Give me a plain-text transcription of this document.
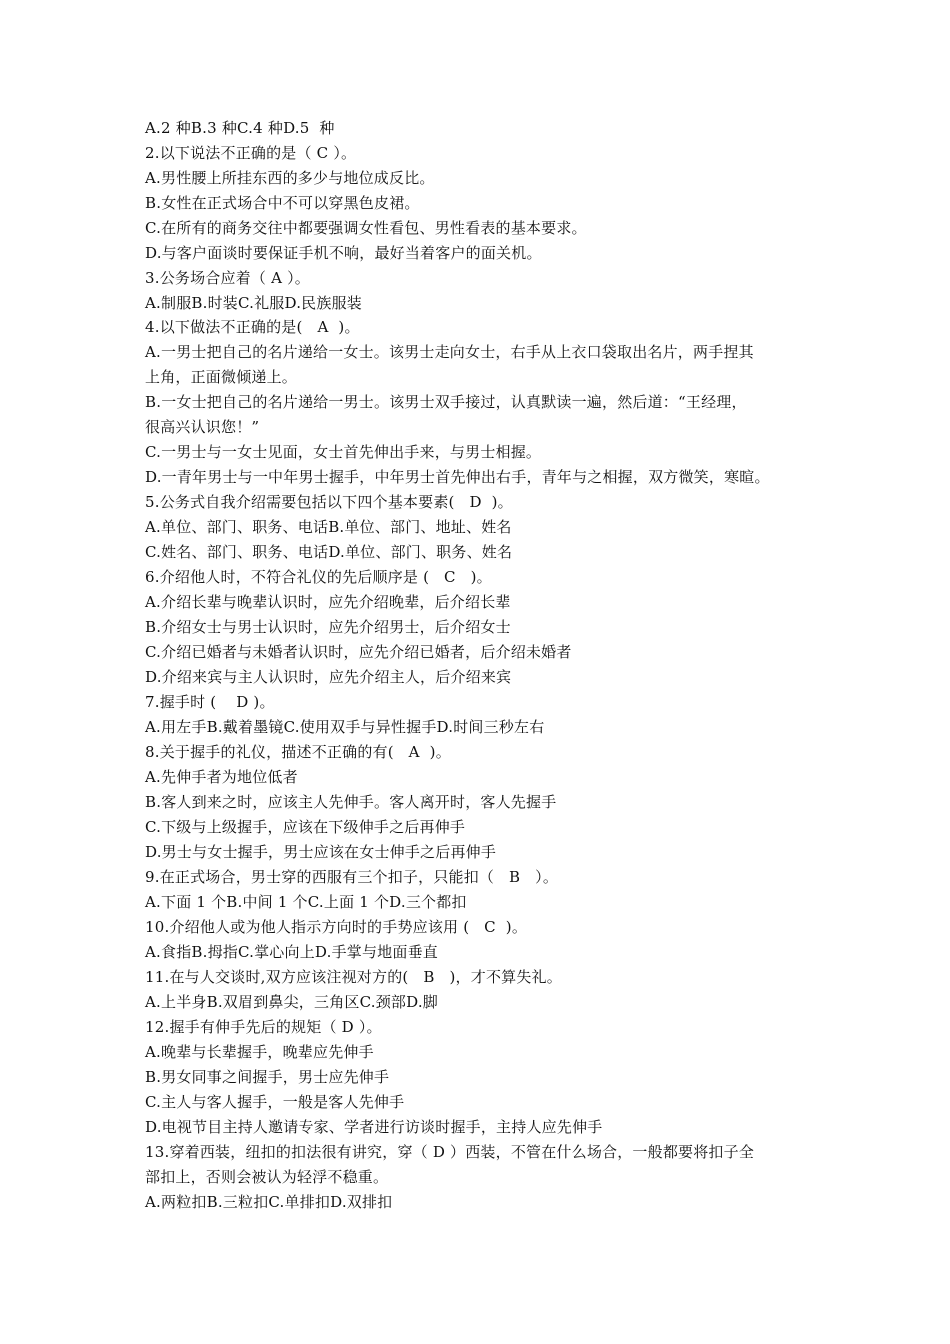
A.2 种B.3 种C.4 种D.5  种
2.以下说法不正确的是（ C ）。
A.男性腰上所挂东西的多少与地位成反比。
B.女性在正式场合中不可以穿黑色皮裙。
C.在所有的商务交往中都要强调女性看包、男性看表的基本要求。
D.与客户面谈时要保证手机不响，最好当着客户的面关机。
3.公务场合应着（ A ）。
A.制服B.时装C.礼服D.民族服装
4.以下做法不正确的是(   A  )。
A.一男士把自己的名片递给一女士。该男士走向女士，右手从上衣口袋取出名片，两手捏其
上角，正面微倾递上。
B.一女士把自己的名片递给一男士。该男士双手接过，认真默读一遍，然后道：“王经理，
很高兴认识您！”
C.一男士与一女士见面，女士首先伸出手来，与男士相握。
D.一青年男士与一中年男士握手，中年男士首先伸出右手，青年与之相握，双方微笑，寒暄。
5.公务式自我介绍需要包括以下四个基本要素(   D  )。
A.单位、部门、职务、电话B.单位、部门、地址、姓名
C.姓名、部门、职务、电话D.单位、部门、职务、姓名
6.介绍他人时，不符合礼仪的先后顺序是 (   C   )。
A.介绍长辈与晚辈认识时，应先介绍晚辈，后介绍长辈
B.介绍女士与男士认识时，应先介绍男士，后介绍女士
C.介绍已婚者与未婚者认识时，应先介绍已婚者，后介绍未婚者
D.介绍来宾与主人认识时，应先介绍主人，后介绍来宾
7.握手时 (    D )。
A.用左手B.戴着墨镜C.使用双手与异性握手D.时间三秒左右
8.关于握手的礼仪，描述不正确的有(   A  )。
A.先伸手者为地位低者
B.客人到来之时，应该主人先伸手。客人离开时，客人先握手
C.下级与上级握手，应该在下级伸手之后再伸手
D.男士与女士握手，男士应该在女士伸手之后再伸手
9.在正式场合，男士穿的西服有三个扣子，只能扣（   B   ）。
A.下面 1 个B.中间 1 个C.上面 1 个D.三个都扣
10.介绍他人或为他人指示方向时的手势应该用 (   C  )。
A.食指B.拇指C.掌心向上D.手掌与地面垂直
11.在与人交谈时,双方应该注视对方的(   B   )，才不算失礼。
A.上半身B.双眉到鼻尖，三角区C.颈部D.脚
12.握手有伸手先后的规矩（ D ）。
A.晚辈与长辈握手，晚辈应先伸手
B.男女同事之间握手，男士应先伸手
C.主人与客人握手，一般是客人先伸手
D.电视节目主持人邀请专家、学者进行访谈时握手，主持人应先伸手
13.穿着西装，纽扣的扣法很有讲究，穿（ D ）西装，不管在什么场合，一般都要将扣子全
部扣上，否则会被认为轻浮不稳重。
A.两粒扣B.三粒扣C.单排扣D.双排扣
